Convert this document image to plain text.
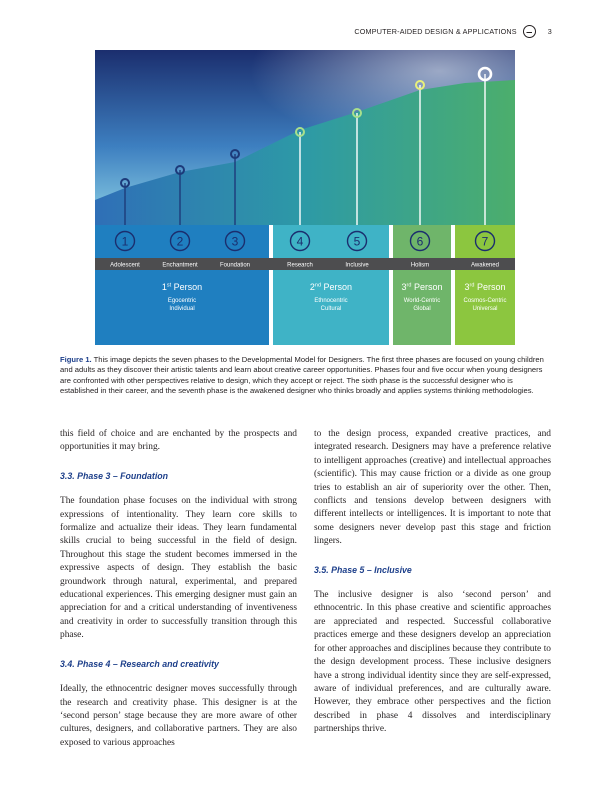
COMPUTER-AIDED DESIGN & APPLICATIONS	3
1	2	3	4	5	6	7
Adolescent	Enchantment	Foundation	Research	Inclusive	Holism	Awakened
1st Person
Egocentric
Individual
2nd Person
Ethnocentric
Cultural
3rd Person
World-Centric
Global
3rd Person
Cosmos-Centric
Universal
Figure 1. This image depicts the seven phases to the Developmental Model for Designers. The first three phases are focused on young children and adults as they discover their artistic talents and learn about creative career opportunities. Phases four and five occur when young designers are confronted with other perspectives relative to design, which they accept or reject. The sixth phase is the successful designer who is established in their career, and the seventh phase is the awakened designer who thinks broadly and applies systems thinking methodologies.

this field of choice and are enchanted by the prospects and opportunities it may bring.

3.3. Phase 3 – Foundation

The foundation phase focuses on the individual with strong expressions of intentionality. They learn core skills to formalize and actualize their ideas. They learn fundamental skills crucial to being successful in the field of design. Throughout this stage the student becomes immersed in the expressive aspects of design. They establish the basic groundwork through natural, experimental, and prepared educational experiences. This emerging designer must gain an appreciation for and a critical understanding of inventiveness and creativity in order to successfully transition through this phase.

3.4. Phase 4 – Research and creativity

Ideally, the ethnocentric designer moves successfully through the research and creativity phase. This designer is at the ‘second person’ stage because they are more aware of other cultures, designers, and collaborative partners. They are also exposed to various approaches

to the design process, expanded creative practices, and integrated research. Designers may have a preference relative to intelligent approaches (creative) and intellectual approaches (scientific). This may cause friction or a divide as one group tries to establish an air of superiority over the other. Then, conflicts and tensions develop between designers with different intellects or intelligences. It is important to note that some designers never develop past this stage and friction lingers.

3.5. Phase 5 – Inclusive

The inclusive designer is also ‘second person’ and ethnocentric. In this phase creative and scientific approaches are appreciated and respected. Successful collaborative practices emerge and these designers develop an appreciation for other approaches and disciplines because they contribute to the design development process. These inclusive designers have a strong individual identity since they are self-expressed, aware of individual preferences, and are culturally aware. However, they embrace other perspectives and the fiction described in phase 4 dissolves and interdisciplinary partnerships thrive.
